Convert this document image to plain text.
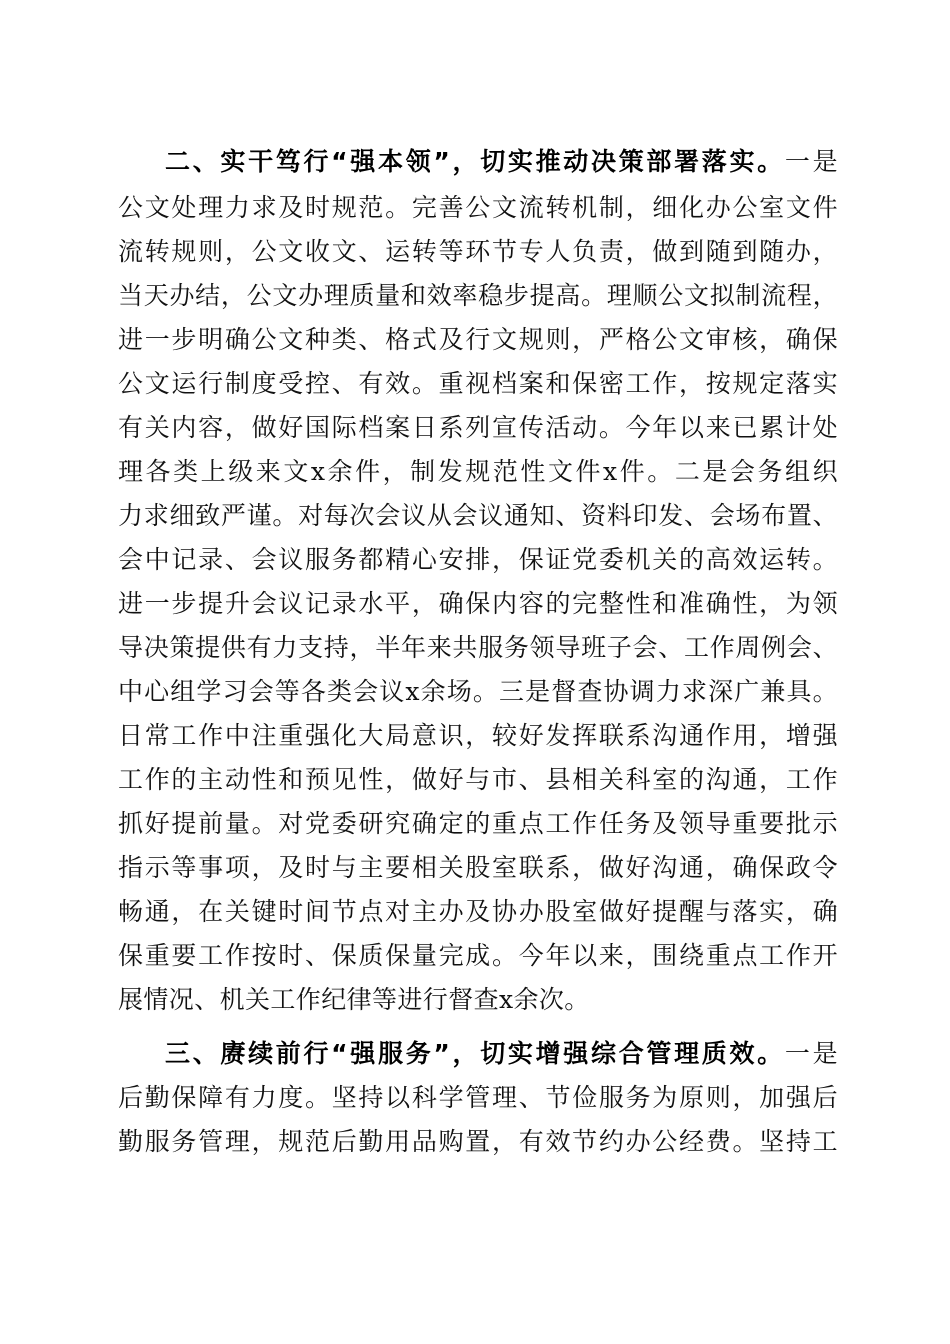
二、实干笃行“强本领”，切实推动决策部署落实。一是
公文处理力求及时规范。完善公文流转机制，细化办公室文件
流转规则，公文收文、运转等环节专人负责，做到随到随办，
当天办结，公文办理质量和效率稳步提高。理顺公文拟制流程，
进一步明确公文种类、格式及行文规则，严格公文审核，确保
公文运行制度受控、有效。重视档案和保密工作，按规定落实
有关内容，做好国际档案日系列宣传活动。今年以来已累计处
理各类上级来文x余件，制发规范性文件x件。二是会务组织
力求细致严谨。对每次会议从会议通知、资料印发、会场布置、
会中记录、会议服务都精心安排，保证党委机关的高效运转。
进一步提升会议记录水平，确保内容的完整性和准确性，为领
导决策提供有力支持，半年来共服务领导班子会、工作周例会、
中心组学习会等各类会议x余场。三是督查协调力求深广兼具。
日常工作中注重强化大局意识，较好发挥联系沟通作用，增强
工作的主动性和预见性，做好与市、县相关科室的沟通，工作
抓好提前量。对党委研究确定的重点工作任务及领导重要批示
指示等事项，及时与主要相关股室联系，做好沟通，确保政令
畅通，在关键时间节点对主办及协办股室做好提醒与落实，确
保重要工作按时、保质保量完成。今年以来，围绕重点工作开
展情况、机关工作纪律等进行督查x余次。
三、赓续前行“强服务”，切实增强综合管理质效。一是
后勤保障有力度。坚持以科学管理、节俭服务为原则，加强后
勤服务管理，规范后勤用品购置，有效节约办公经费。坚持工
